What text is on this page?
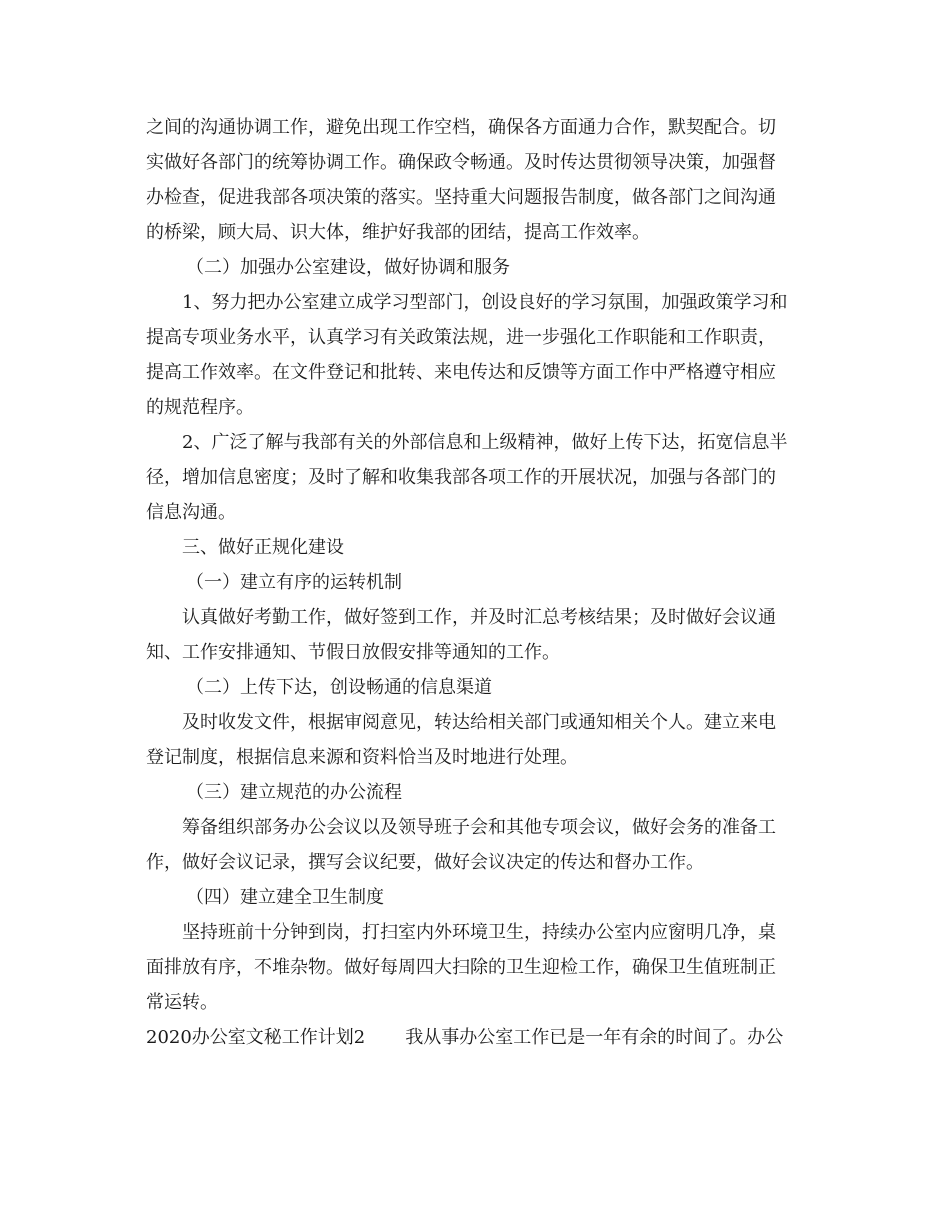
之间的沟通协调工作，避免出现工作空档，确保各方面通力合作，默契配合。切
实做好各部门的统筹协调工作。确保政令畅通。及时传达贯彻领导决策，加强督
办检查，促进我部各项决策的落实。坚持重大问题报告制度，做各部门之间沟通
的桥梁，顾大局、识大体，维护好我部的团结，提高工作效率。
（二）加强办公室建设，做好协调和服务
1、努力把办公室建立成学习型部门，创设良好的学习氛围，加强政策学习和
提高专项业务水平，认真学习有关政策法规，进一步强化工作职能和工作职责，
提高工作效率。在文件登记和批转、来电传达和反馈等方面工作中严格遵守相应
的规范程序。
2、广泛了解与我部有关的外部信息和上级精神，做好上传下达，拓宽信息半
径，增加信息密度；及时了解和收集我部各项工作的开展状况，加强与各部门的
信息沟通。
三、做好正规化建设
（一）建立有序的运转机制
认真做好考勤工作，做好签到工作，并及时汇总考核结果；及时做好会议通
知、工作安排通知、节假日放假安排等通知的工作。
（二）上传下达，创设畅通的信息渠道
及时收发文件，根据审阅意见，转达给相关部门或通知相关个人。建立来电
登记制度，根据信息来源和资料恰当及时地进行处理。
（三）建立规范的办公流程
筹备组织部务办公会议以及领导班子会和其他专项会议，做好会务的准备工
作，做好会议记录，撰写会议纪要，做好会议决定的传达和督办工作。
（四）建立建全卫生制度
坚持班前十分钟到岗，打扫室内外环境卫生，持续办公室内应窗明几净，桌
面排放有序，不堆杂物。做好每周四大扫除的卫生迎检工作，确保卫生值班制正
常运转。
2020办公室文秘工作计划2 我从事办公室工作已是一年有余的时间了。办公
